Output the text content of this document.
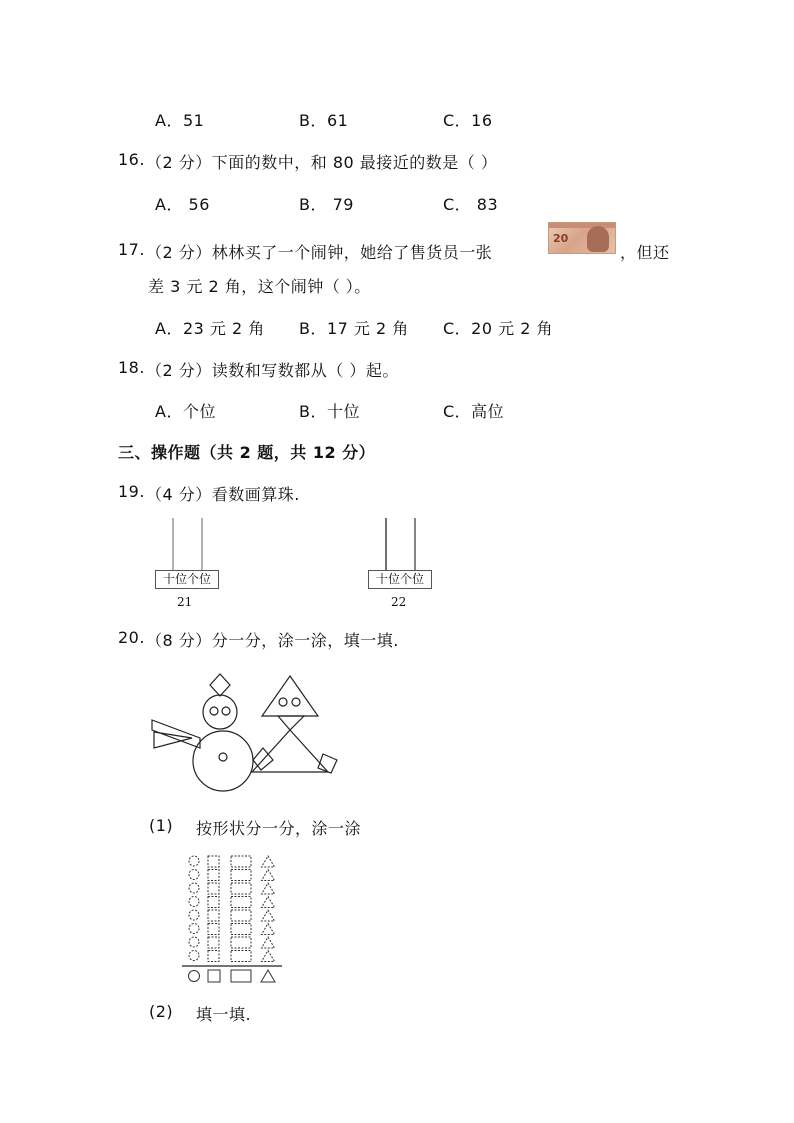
A．51	B．61	C．16
16. （2 分）下面的数中，和 80 最接近的数是（ ）
A． 56	B． 79	C． 83
17. （2 分）林林买了一个闹钟，她给了售货员一张
20
，但还
差 3 元 2 角，这个闹钟（ ）。
A．23 元 2 角 B．17 元 2 角 C．20 元 2 角
18. （2 分）读数和写数都从（ ）起。
A．个位	B．十位	C．高位
三、操作题（共 2 题，共 12 分）
19. （4 分）看数画算珠.
十位个位
21
十位个位
22
20. （8 分）分一分，涂一涂，填一填.
(1) 按形状分一分，涂一涂
(2) 填一填.
